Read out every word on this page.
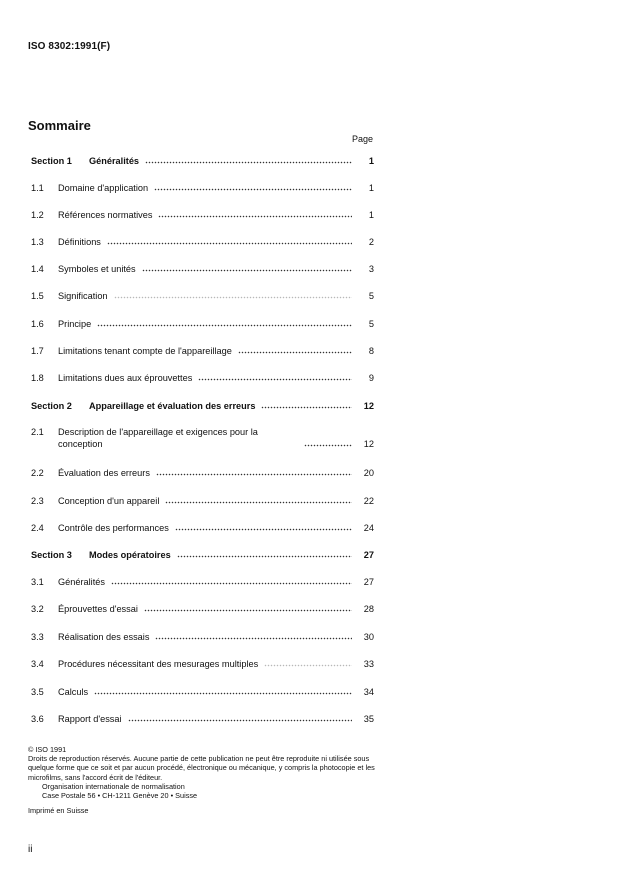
ISO 8302:1991(F)
Sommaire
Page
Section 1	Généralités	1
1.1	Domaine d'application	1
1.2	Références normatives	1
1.3	Définitions	2
1.4	Symboles et unités	3
1.5	Signification	5
1.6	Principe	5
1.7	Limitations tenant compte de l'appareillage	8
1.8	Limitations dues aux éprouvettes	9
Section 2	Appareillage et évaluation des erreurs	12
2.1	Description de l'appareillage et exigences pour la conception	12
2.2	Évaluation des erreurs	20
2.3	Conception d'un appareil	22
2.4	Contrôle des performances	24
Section 3	Modes opératoires	27
3.1	Généralités	27
3.2	Éprouvettes d'essai	28
3.3	Réalisation des essais	30
3.4	Procédures nécessitant des mesurages multiples	33
3.5	Calculs	34
3.6	Rapport d'essai	35
© ISO 1991
Droits de reproduction réservés. Aucune partie de cette publication ne peut être reproduite ni utilisée sous quelque forme que ce soit et par aucun procédé, électronique ou mécanique, y compris la photocopie et les microfilms, sans l'accord écrit de l'éditeur.
Organisation internationale de normalisation
Case Postale 56 • CH-1211 Genève 20 • Suisse
Imprimé en Suisse
ii
